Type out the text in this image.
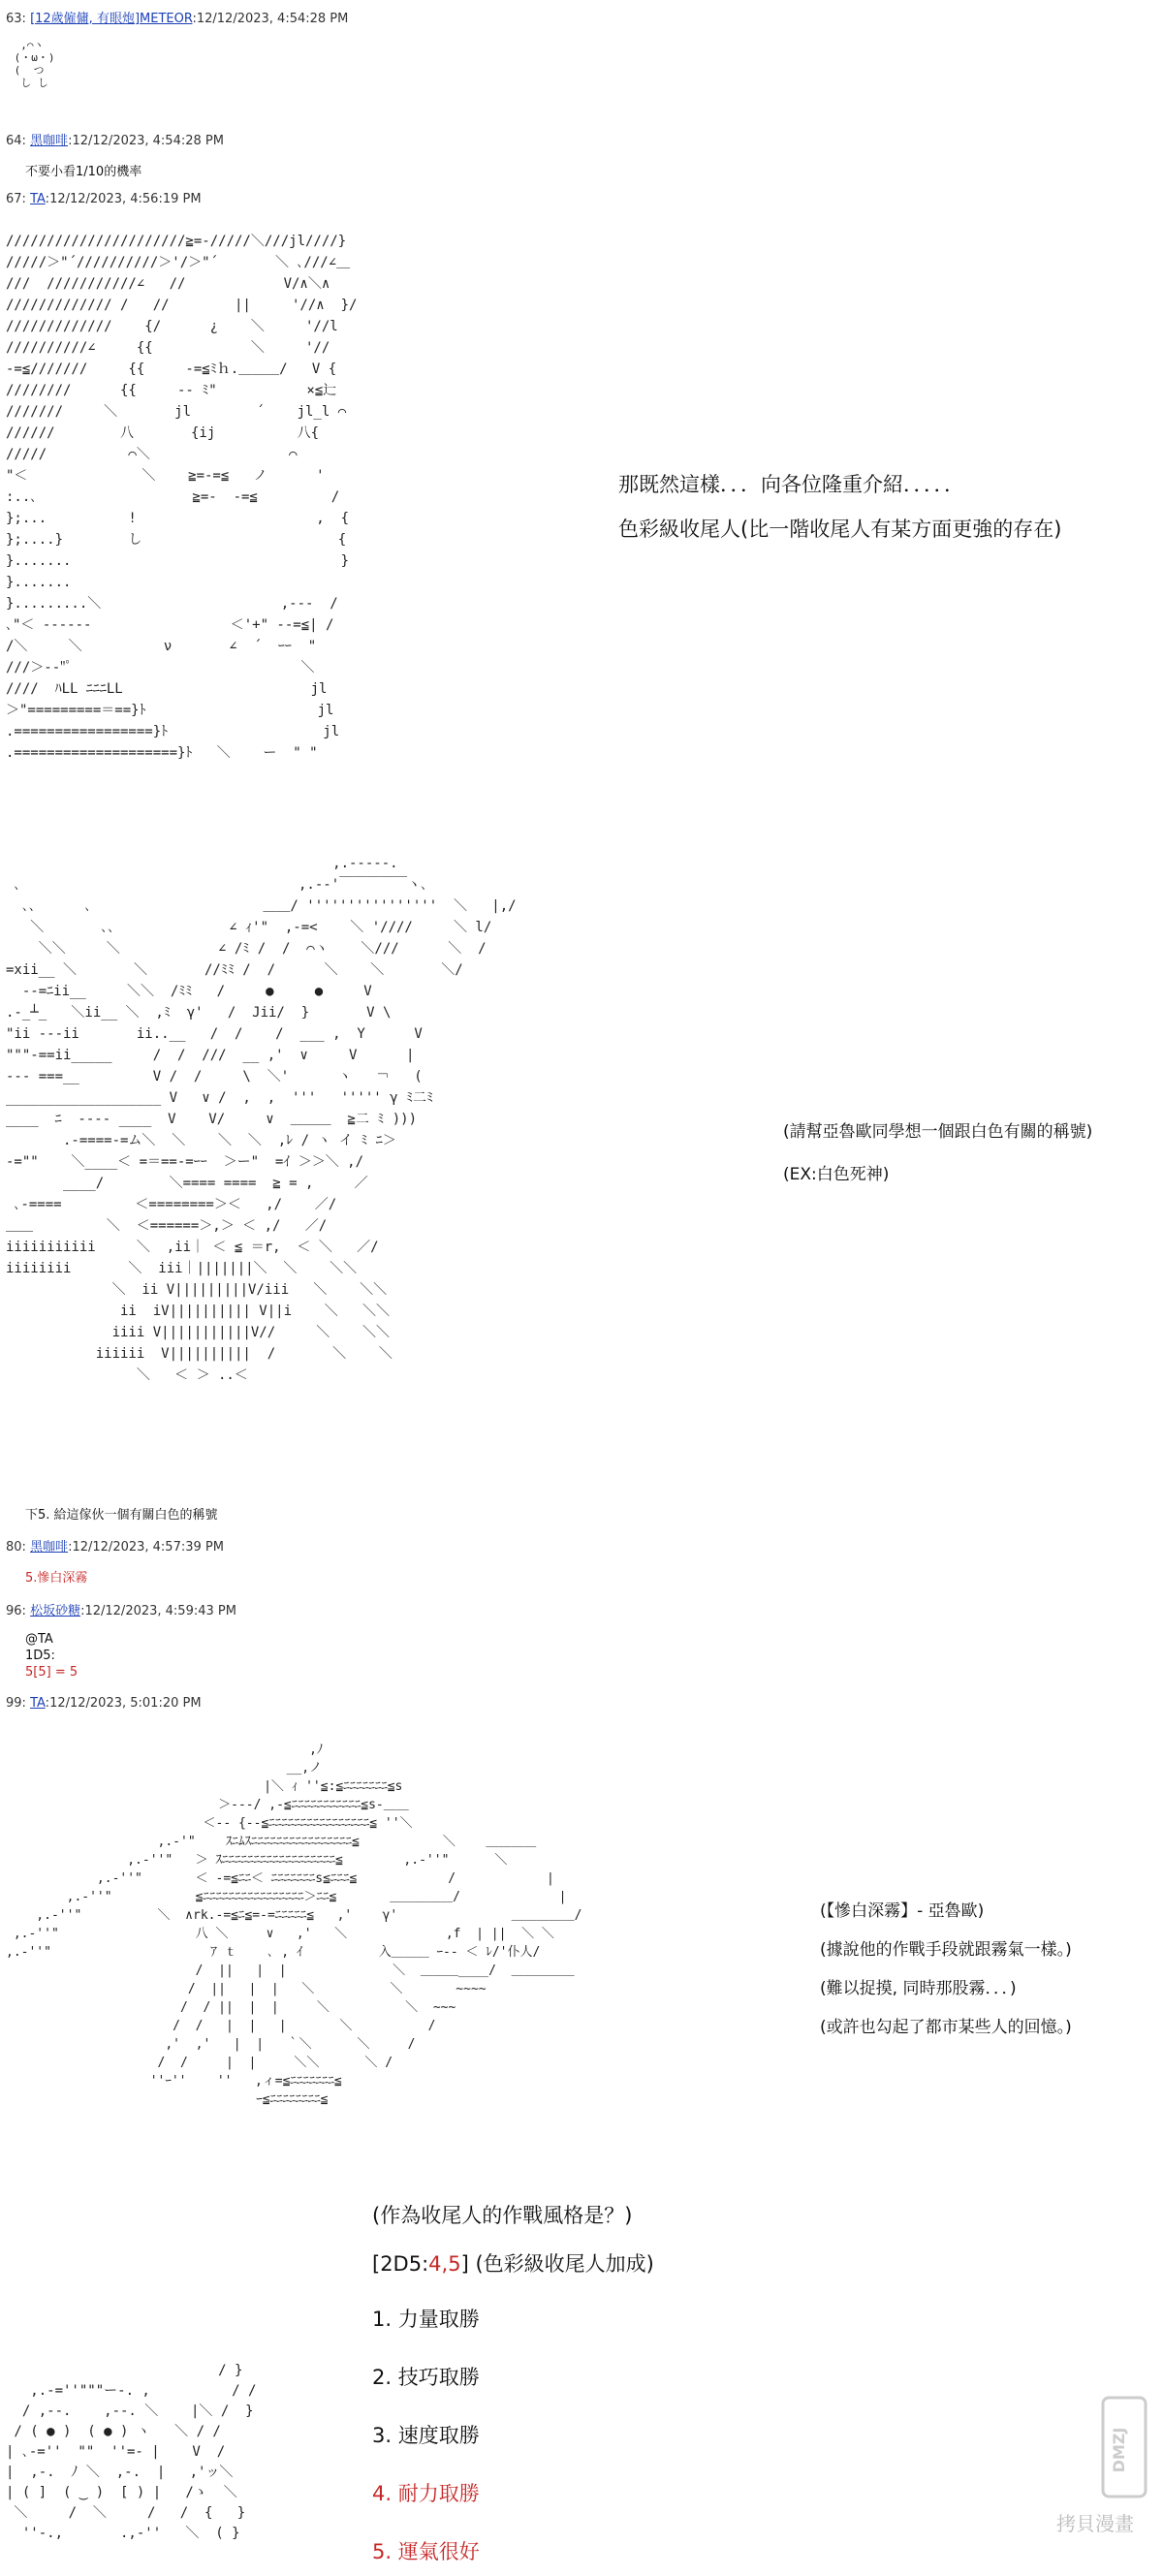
63: [12歲僱傭, 有眼炮]METEOR:12/12/2023, 4:54:28 PM
,⌒ヽ
(・ω・)
(  つ
し し
64: 黑咖啡:12/12/2023, 4:54:28 PM
不要小看1/10的機率
67: TA:12/12/2023, 4:56:19 PM
//////////////////////≧=-/////＼///jl////}
/////＞"´//////////＞'/＞"´       ＼ ､///∠＿
///  ///////////∠   //            V/∧＼∧
///////////// /   //        ||     '//∧  }/
/////////////    {/      ¿    ＼     '//l
//////////∠     {{            ＼     '//
-=≦///////     {{     -=≦ﾐｈ.＿＿＿/   V {
////////      {{     -- ﾐ"           ×≦辷
///////     ＼       jl        ´    jl_l ⌒
//////        八       {ij          八{
/////          ⌒＼                 ⌒
"＜              ＼    ≧=-=≦   ノ      '
:..､                   ≧=-  -=≦         /
};...          !                      ,  {
};....}        し                        {
}.......                                 }
}.......
}.........＼                      ,---  /
､"＜ ------                 ＜'+" --=≦| /
/＼     ＼          ν       ∠  ´  ｰｰ  "
///＞--"ﾟ                            ＼
////  ﾊLL ﾆﾆﾆLL                       jl
＞"=========＝==}ﾄ                     jl
.=================}ﾄ                   jl
.====================}ﾄ   ＼    ー  " "
那既然這樣．．．向各位隆重介紹．．．．．
色彩級收尾人(比一階收尾人有某方面更強的存在)
,.-----.
､                                  ,.--'￣￣￣￣￣ヽ､
､､      ､                     ＿＿/ ''''''''''''''''  ＼   |,/
＼       ､､              ∠ ｨ'"  ,-=<    ＼ '////     ＼ l/
＼＼     ＼            ∠ /ﾐ /  /  ⌒ヽ    ＼///      ＼  /
=xii__ ＼       ＼       //ﾐﾐ /  /      ＼    ＼       ＼/
--=ﾆii__     ＼＼  /ﾐﾐ   /     ●     ●     V
.-_┴_   ＼ii__ ＼  ,ﾐ  γ'   /  Jii/  }       V \
"ii ---ii       ii..__   /  /    /  ___ ,  Y      V
"""-==ii_____     /  /  ///  __ ,'  ∨     V      |
--- ===__         V /  /     \  ＼'      ヽ   ￢   (
___________________ V   ∨ /  ,  ,  '''   ''''' γ ﾐ二ﾐ
____  ﾆ  ---- ____  V    V/     ∨  ＿＿＿  ≧二 ﾐ )))
.-====-=ム＼  ＼    ＼  ＼  ,ﾚ / ヽ イ ﾐ ﾆ＞
-=""    ＼____＜ =＝==-=ｰｰ  ＞ー"  =ｲ ＞＞＼ ,/
____/        ＼==== ====  ≧ = ,     ／
､-====         ＜========＞＜   ,/    ／/
＿＿         ＼  ＜======＞,＞ ＜ ,/   ／/
iiiiiiiiiii     ＼  ,ii｜ ＜ ≦ ＝r,  ＜ ＼   ／/
iiiiiiii       ＼  iii｜|||||||＼  ＼    ＼＼
＼  ii V|||||||||V/iii   ＼    ＼＼
ii  iV|||||||||| V||i    ＼   ＼＼
iiii V|||||||||||V//     ＼    ＼＼
iiiiii  V||||||||||  /       ＼    ＼
＼   ＜ ＞ ..＜
(請幫亞魯歐同學想一個跟白色有關的稱號)
(EX:白色死神)
下5. 給這傢伙一個有關白色的稱號
80: 黑咖啡:12/12/2023, 4:57:39 PM
5.慘白深霧
96: 松坂砂糖:12/12/2023, 4:59:43 PM
@TA
1D5:
5[5] = 5
99: TA:12/12/2023, 5:01:20 PM
,ﾉ
__,ノ
|＼ ｨ ''≦:≦ﾆﾆﾆﾆﾆﾆﾆ≦s
＞---/ ,-≦ﾆﾆﾆﾆﾆﾆﾆﾆﾆﾆﾆ≦s-＿＿
＜-- {--≦ﾆﾆﾆﾆﾆﾆﾆﾆﾆﾆﾆﾆﾆﾆﾆﾆ≦ ''＼
,.-'"    ｽﾆﾑｽﾆﾆﾆﾆﾆﾆﾆﾆﾆﾆﾆﾆﾆﾆﾆﾆ≦           ＼    ＿＿＿＿
,.-''"   ＞ ｽﾆﾆﾆﾆﾆﾆﾆﾆﾆﾆﾆﾆﾆﾆﾆﾆﾆﾆ≦        ,.-''"      ＼
,.-''"       ＜ -=≦ﾆﾆ＜ ﾆﾆﾆﾆﾆﾆﾆs≦ﾆﾆﾆ≦            /            |
,.-''"           ≦ﾆﾆﾆﾆﾆﾆﾆﾆﾆﾆﾆﾆﾆﾆﾆﾆ＞ﾆﾆ≦       ＿＿＿＿＿/             |
,.-''"          ＼  ∧rk.-=≦ﾆ≦=-=ﾆﾆﾆﾆﾆ≦   ,'    γ'               ＿＿＿＿＿/
,.-''"                  八 ＼     ∨   ,'   ＼             ,f  | ||  ＼ ＼
,.-''"                     ｱ ｔ    ､ , ｲ          入＿＿＿ ｰ-- ＜ ﾚ/'仆人/
/  ||   |  |              ＼  ＿＿＿____/  ＿＿＿＿＿
/  ||   |  |   ＼          ＼       ~~~~
/  / ||  |  |     ＼          ＼  ~~~
/  /   |  |   |       ＼          /
,'  ,'   |  |   ｀＼      ＼     /
/  /     |  |     ＼＼      ＼ /
''ｰ''    ''   ,ィ=≦ﾆﾆﾆﾆﾆﾆﾆ≦
ｰ≦ﾆﾆﾆﾆﾆﾆﾆﾆ≦
(【慘白深霧】- 亞魯歐)
(據說他的作戰手段就跟霧氣一樣。)
(難以捉摸, 同時那股霧．．．)
(或許也勾起了都市某些人的回憶。)
(作為收尾人的作戰風格是？)
[2D5:4,5] (色彩級收尾人加成)
1. 力量取勝
2. 技巧取勝
3. 速度取勝
4. 耐力取勝
5. 運氣很好
/ }
,.-=''"""ー-. ,          / /
/ ,--.    ,--. ＼    |＼ /  }
/ ( ● )  ( ● ) ヽ   ＼ / /
| ､-=''  ""  ''=- |    V  /
|  ,-.  ﾉ ＼  ,-.  |   ,'ッ＼
| ( ]  ( ‿ )  [ ) |   /ゝ  ＼
＼     /  ＼     /   /  {   }
''-.,_______.,-''   ＼_ (_}
DMZJ
拷貝漫畫
